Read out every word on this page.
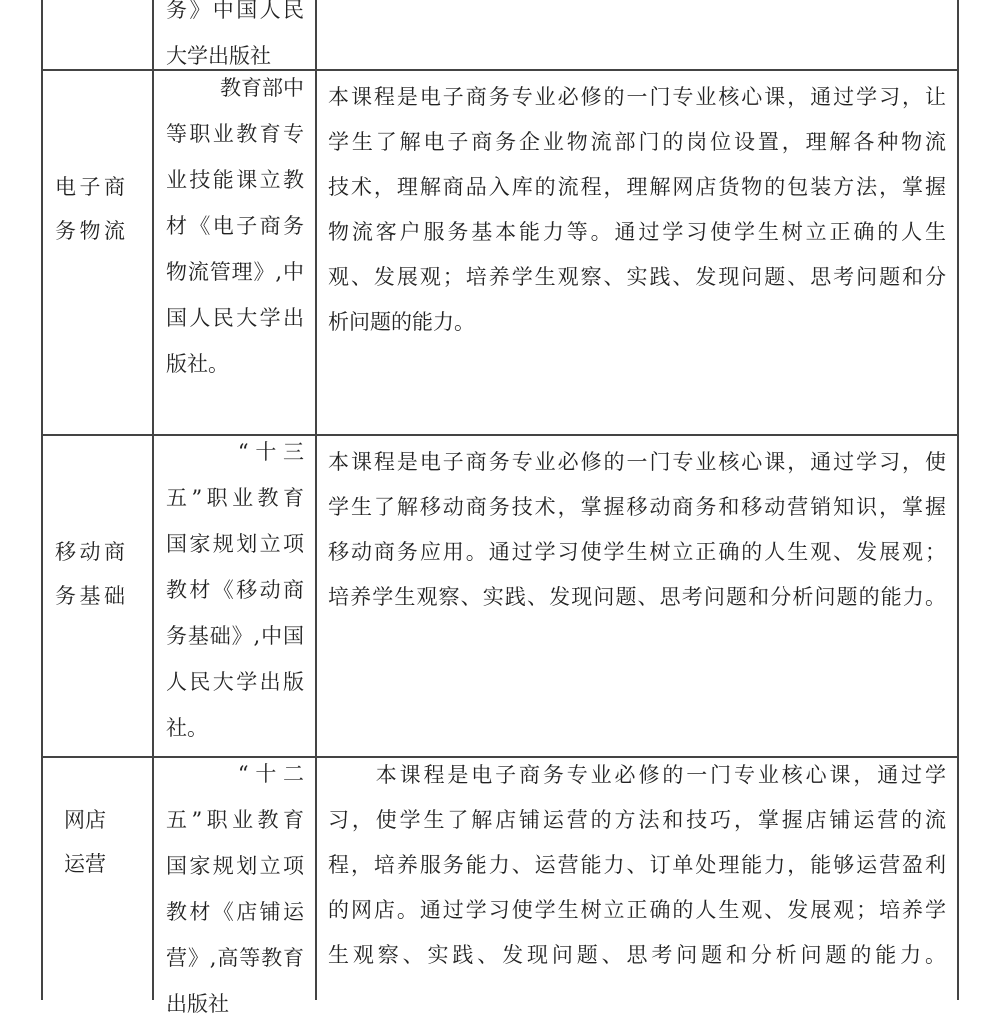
务》中国人民
大学出版社
电子商
务物流
教育部中
等职业教育专
业技能课立教
材《电子商务
物流管理》,中
国人民大学出
版社。
本课程是电子商务专业必修的一门专业核心课，通过学习，让
学生了解电子商务企业物流部门的岗位设置，理解各种物流
技术，理解商品入库的流程，理解网店货物的包装方法，掌握
物流客户服务基本能力等。通过学习使学生树立正确的人生
观、发展观；培养学生观察、实践、发现问题、思考问题和分
析问题的能力。
移动商
务基础
“ 十 三
五”职业教育
国家规划立项
教材《移动商
务基础》,中国
人民大学出版
社。
本课程是电子商务专业必修的一门专业核心课，通过学习，使
学生了解移动商务技术，掌握移动商务和移动营销知识，掌握
移动商务应用。通过学习使学生树立正确的人生观、发展观；
培养学生观察、实践、发现问题、思考问题和分析问题的能力。
网店
运营
“ 十 二
五”职业教育
国家规划立项
教材《店铺运
营》,高等教育
出版社
　　本课程是电子商务专业必修的一门专业核心课，通过学
习，使学生了解店铺运营的方法和技巧，掌握店铺运营的流
程，培养服务能力、运营能力、订单处理能力，能够运营盈利
的网店。通过学习使学生树立正确的人生观、发展观；培养学
生观察、实践、发现问题、思考问题和分析问题的能力。
